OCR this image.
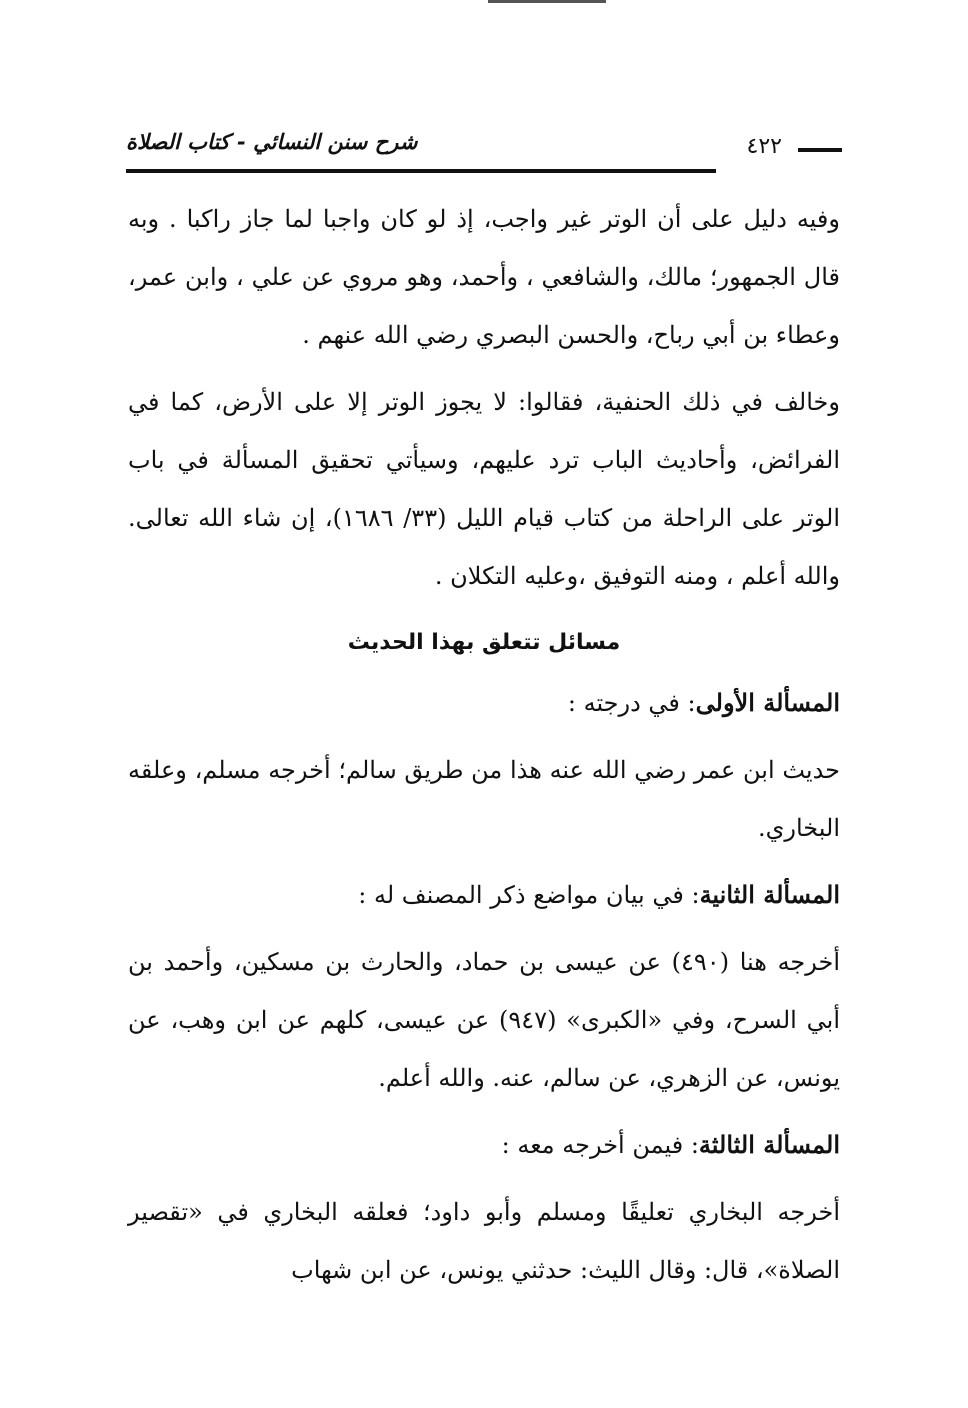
شرح سنن النسائي - كتاب الصلاة	٤٢٢

وفيه دليل على أن الوتر غير واجب، إذ لو كان واجبا لما جاز راكبا . وبه قال الجمهور؛ مالك، والشافعي ، وأحمد، وهو مروي عن علي ، وابن عمر، وعطاء بن أبي رباح، والحسن البصري رضي الله عنهم .

وخالف في ذلك الحنفية، فقالوا: لا يجوز الوتر إلا على الأرض، كما في الفرائض، وأحاديث الباب ترد عليهم، وسيأتي تحقيق المسألة في باب الوتر على الراحلة من كتاب قيام الليل (٣٣/ ١٦٨٦)، إن شاء الله تعالى. والله أعلم ، ومنه التوفيق ،وعليه التكلان .

مسائل تتعلق بهذا الحديث

المسألة الأولى: في درجته :

حديث ابن عمر رضي الله عنه هذا من طريق سالم؛ أخرجه مسلم، وعلقه البخاري.

المسألة الثانية: في بيان مواضع ذكر المصنف له :

أخرجه هنا (٤٩٠) عن عيسى بن حماد، والحارث بن مسكين، وأحمد بن أبي السرح، وفي «الكبرى» (٩٤٧) عن عيسى، كلهم عن ابن وهب، عن يونس، عن الزهري، عن سالم، عنه. والله أعلم.

المسألة الثالثة: فيمن أخرجه معه :

أخرجه البخاري تعليقًا ومسلم وأبو داود؛ فعلقه البخاري في «تقصير الصلاة»، قال: وقال الليث: حدثني يونس، عن ابن شهاب
